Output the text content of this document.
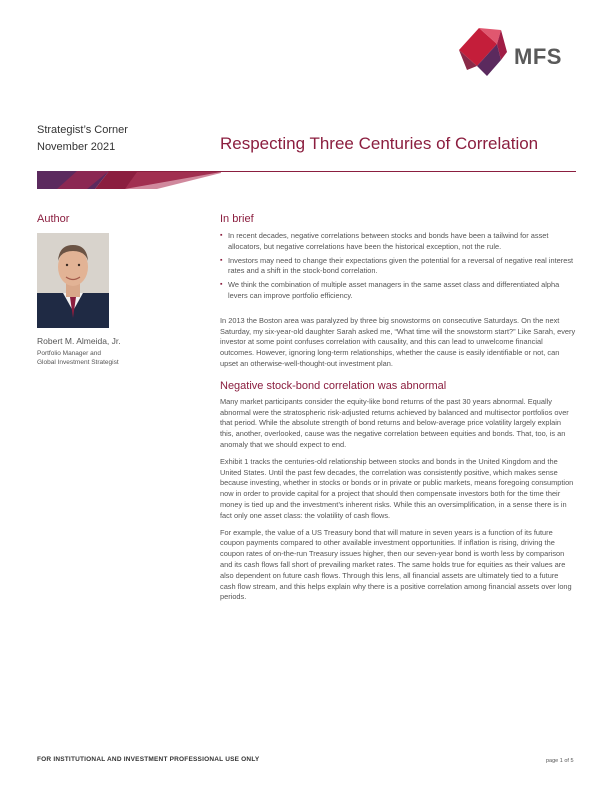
MFS
Strategist’s Corner
November 2021	Respecting Three Centuries of Correlation
Author
Robert M. Almeida, Jr.
Portfolio Manager and
Global Investment Strategist
In brief
▪ In recent decades, negative correlations between stocks and bonds have been a tailwind for asset allocators, but negative correlations have been the historical exception, not the rule.
▪ Investors may need to change their expectations given the potential for a reversal of negative real interest rates and a shift in the stock-bond correlation.
▪ We think the combination of multiple asset managers in the same asset class and differentiated alpha levers can improve portfolio efficiency.

In 2013 the Boston area was paralyzed by three big snowstorms on consecutive Saturdays. On the next Saturday, my six-year-old daughter Sarah asked me, “What time will the snowstorm start?” Like Sarah, every investor at some point confuses correlation with causality, and this can lead to unwelcome financial outcomes. However, ignoring long-term relationships, whether the cause is easily identifiable or not, can upset an otherwise-well-thought-out investment plan.

Negative stock-bond correlation was abnormal

Many market participants consider the equity-like bond returns of the past 30 years abnormal. Equally abnormal were the stratospheric risk-adjusted returns achieved by balanced and multisector portfolios over that period. While the absolute strength of bond returns and below-average price volatility largely explain this, another, overlooked, cause was the negative correlation between equities and bonds. That, too, is an anomaly that we should expect to end.

Exhibit 1 tracks the centuries-old relationship between stocks and bonds in the United Kingdom and the United States. Until the past few decades, the correlation was consistently positive, which makes sense because investing, whether in stocks or bonds or in private or public markets, means foregoing consumption now in order to provide capital for a project that should then compensate investors both for the time their money is tied up and the investment’s inherent risks. While this an oversimplification, in a sense there is in fact only one asset class: the volatility of cash flows.

For example, the value of a US Treasury bond that will mature in seven years is a function of its future coupon payments compared to other available investment opportunities. If inflation is rising, driving the coupon rates of on-the-run Treasury issues higher, then our seven-year bond is worth less by comparison and its cash flows fall short of prevailing market rates. The same holds true for equities as their values are also dependent on future cash flows. Through this lens, all financial assets are ultimately tied to a future cash flow stream, and this helps explain why there is a positive correlation among financial assets over long periods.

FOR INSTITUTIONAL AND INVESTMENT PROFESSIONAL USE ONLY	page 1 of 5
